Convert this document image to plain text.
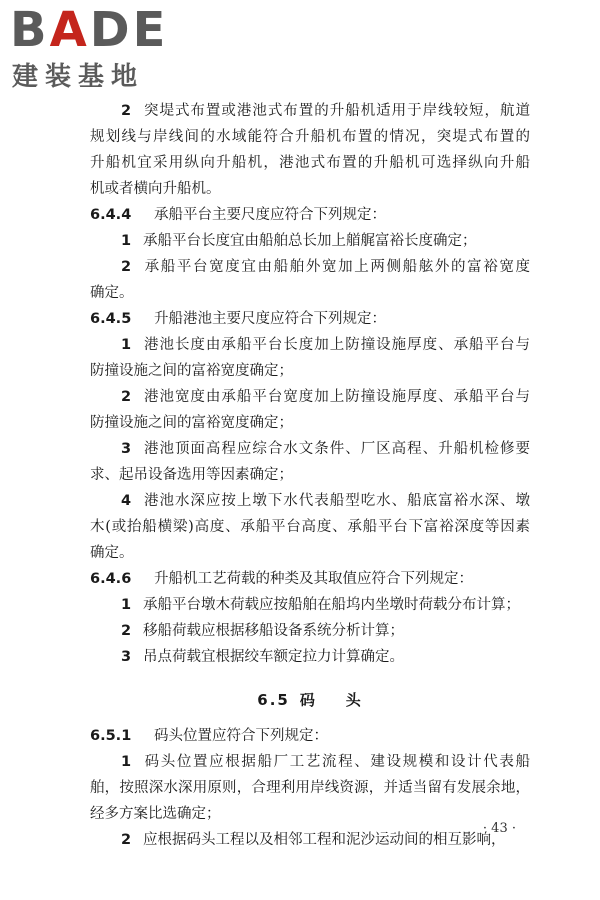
BADE
建装基地

2 突堤式布置或港池式布置的升船机适用于岸线较短，航道

规划线与岸线间的水域能符合升船机布置的情况，突堤式布置的

升船机宜采用纵向升船机，港池式布置的升船机可选择纵向升船

机或者横向升船机。

6.4.4 承船平台主要尺度应符合下列规定：

1 承船平台长度宜由船舶总长加上艏艉富裕长度确定；

2 承船平台宽度宜由船舶外宽加上两侧船舷外的富裕宽度

确定。

6.4.5 升船港池主要尺度应符合下列规定：

1 港池长度由承船平台长度加上防撞设施厚度、承船平台与

防撞设施之间的富裕宽度确定；

2 港池宽度由承船平台宽度加上防撞设施厚度、承船平台与

防撞设施之间的富裕宽度确定；

3 港池顶面高程应综合水文条件、厂区高程、升船机检修要

求、起吊设备选用等因素确定；

4 港池水深应按上墩下水代表船型吃水、船底富裕水深、墩

木(或抬船横梁)高度、承船平台高度、承船平台下富裕深度等因素

确定。

6.4.6 升船机工艺荷载的种类及其取值应符合下列规定：

1 承船平台墩木荷载应按船舶在船坞内坐墩时荷载分布计算；

2 移船荷载应根据移船设备系统分析计算；

3 吊点荷载宜根据绞车额定拉力计算确定。

6.5 码    头

6.5.1 码头位置应符合下列规定：

1 码头位置应根据船厂工艺流程、建设规模和设计代表船

舶，按照深水深用原则，合理利用岸线资源，并适当留有发展余地，

经多方案比选确定；

2 应根据码头工程以及相邻工程和泥沙运动间的相互影响，

· 43 ·
